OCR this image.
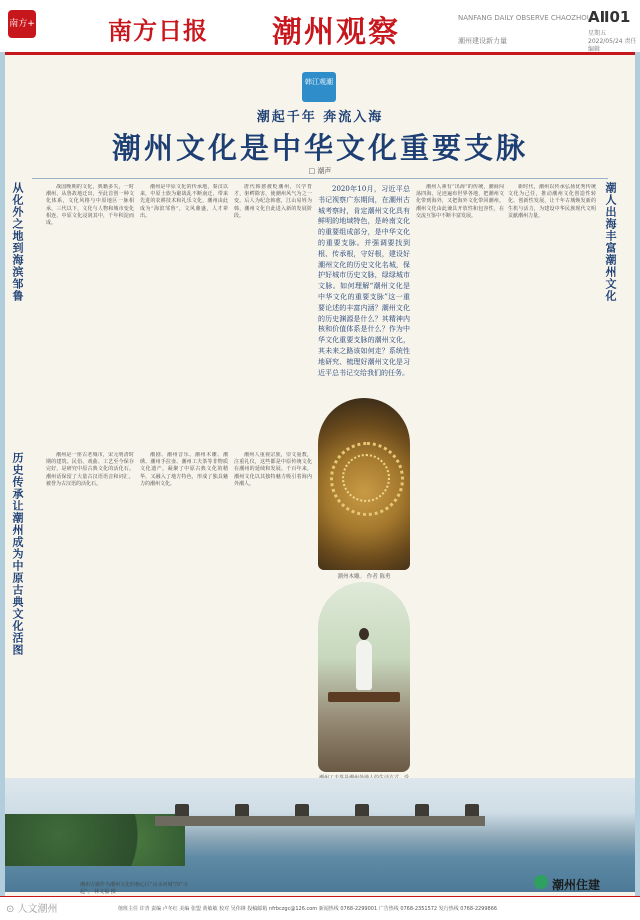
南方+	南方日报 潮州观察	NANFANG DAILY OBSERVE CHAOZHOU
潮州建设新力量
AⅡ01
星期五 2022/05/24 责任编辑
韩江观潮
潮起千年 奔流入海
潮州文化是中华文化重要支脉
□ 潮声
从化外之地到海滨邹鲁
历史传承让潮州成为中原古典文化活图
潮人出海丰富潮州文化
战国晚期的文化，典籍多失，一时潮州，从鲁故地迁出，至此首创一种文化体系，文化风格与中原地区一脉相承，三代以下，文化与人物和城市变化相连，中原文化浸润其中，千年积淀而成。
潮州是中原文化的传承地，秦汉以来，中原士族为避战乱不断南迁，带来先进的农耕技术和礼乐文化，潮州由此成为“海滨邹鲁”，文风鼎盛，人才辈出。
唐代韩愈被贬潮州，兴学育才，驱鳄除害，使潮州风气为之一变。后人为纪念韩愈，江山易姓为韩，潮州文化自此进入新的发展阶段。
潮州是一座古老城市，宋元明清时期的建筑、民俗、戏曲、工艺至今保存完好，是研究中原古典文化的活化石。潮州话保留了大量古汉语语音和词汇，被誉为古汉语的活化石。
潮剧、潮州音乐、潮州木雕、潮绣、潮州手拉壶、潮州工夫茶等非物质文化遗产，凝聚了中原古典文化的精华，又融入了地方特色，形成了独具魅力的潮州文化。
潮州人重视宗族，崇文重教，注重礼仪，这些都是中原传统文化在潮州的延续和发展。千百年来，潮州文化以其独特魅力吸引着海内外潮人。
2020年10月，习近平总书记视察广东期间，在潮州古城考察时，肯定潮州文化具有鲜明的地域特色，是岭南文化的重要组成部分，是中华文化的重要支脉。并强调要找到根、传承根，守好根，建设好潮州文化的历史文化名城，保护好城市历史文脉，绿绿城市文脉。如何理解“潮州文化是中华文化的重要支脉”这一重要论述的丰富内涵？潮州文化的历史渊源是什么？其精神内核和价值体系是什么？作为中华文化重要支脉的潮州文化，其未来之路该如何走？系统性地研究、梳理好潮州文化是习近平总书记交给我们的任务。
潮州人素有“出海”的传统，潮商闯荡四海，足迹遍布世界各地，把潮州文化带到海外，又把海外文化带回潮州。潮州文化由此兼具开放性和包容性，在交流互鉴中不断丰富发展。
新时代，潮州以传承弘扬优秀传统文化为己任，推动潮州文化创造性转化、创新性发展，让千年古城焕发新的生机与活力，为建设中华民族现代文明贡献潮州力量。
潮州木雕。 作者 陈勇
潮州古城作为潮州文化的核心区“山水河城”的“兴起”。 林文福 摄	潮州住建
⊙ 人文潮州	值班主任 许青 责编 卢冬红 美编 张盟 黄敏敏 校对 吴伟锋 投稿邮箱 nfrbczgc@126.com 新闻热线 0768-2299001 广告热线 0768-2351572 发行热线 0768-2299866
